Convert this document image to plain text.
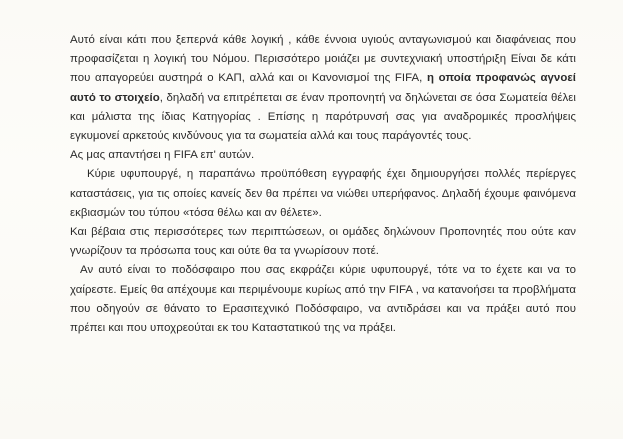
Αυτό είναι κάτι που ξεπερνά κάθε λογική , κάθε έννοια υγιούς ανταγωνισμού και διαφάνειας που προφασίζεται η λογική του Νόμου. Περισσότερο μοιάζει με συντεχνιακή υποστήριξη Είναι δε κάτι που απαγορεύει αυστηρά ο ΚΑΠ, αλλά και οι Κανονισμοί της FIFA, η οποία προφανώς αγνοεί αυτό το στοιχείο, δηλαδή να επιτρέπεται σε έναν προπονητή να δηλώνεται σε όσα Σωματεία θέλει και μάλιστα της ίδιας Κατηγορίας . Επίσης η παρότρυνσή σας για αναδρομικές προσλήψεις εγκυμονεί αρκετούς κινδύνους για τα σωματεία αλλά και τους παράγοντές τους.

Ας μας απαντήσει η FIFA επ' αυτών.

Κύριε υφυπουργέ, η παραπάνω προϋπόθεση εγγραφής έχει δημιουργήσει πολλές περίεργες καταστάσεις, για τις οποίες κανείς δεν θα πρέπει να νιώθει υπερήφανος. Δηλαδή έχουμε φαινόμενα εκβιασμών του τύπου «τόσα θέλω και αν θέλετε».

Και βέβαια στις περισσότερες των περιπτώσεων, οι ομάδες δηλώνουν Προπονητές που ούτε καν γνωρίζουν τα πρόσωπα τους και ούτε θα τα γνωρίσουν ποτέ.

Αν αυτό είναι το ποδόσφαιρο που σας εκφράζει κύριε υφυπουργέ, τότε να το έχετε και να το χαίρεστε. Εμείς θα απέχουμε και περιμένουμε κυρίως από την FIFA , να κατανοήσει τα προβλήματα που οδηγούν σε θάνατο το Ερασιτεχνικό Ποδόσφαιρο, να αντιδράσει και να πράξει αυτό που πρέπει και που υποχρεούται εκ του Καταστατικού της να πράξει.
